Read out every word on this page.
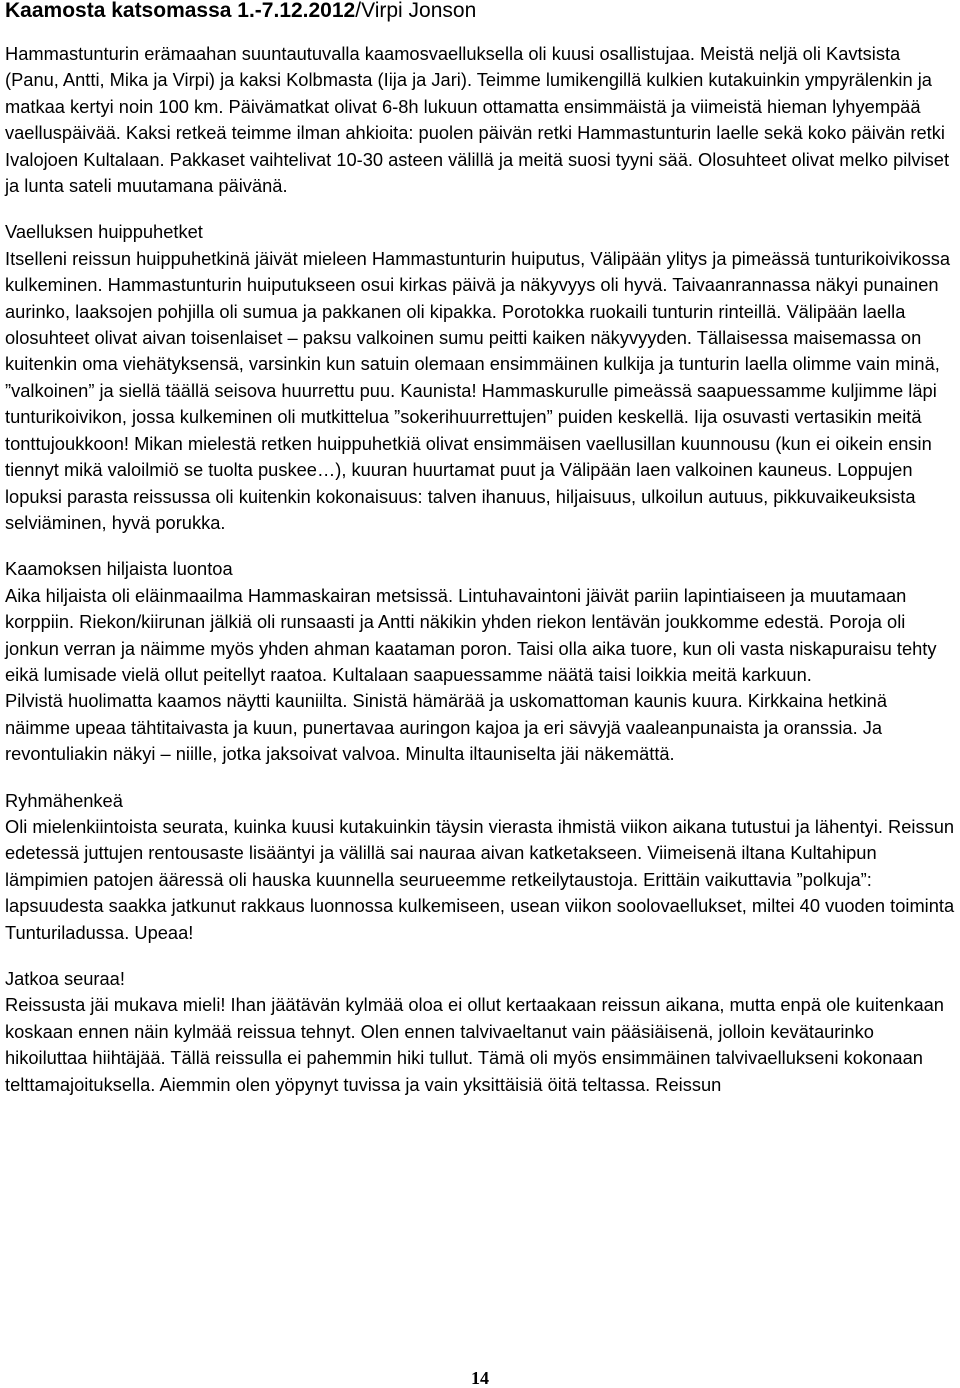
Kaamosta katsomassa 1.-7.12.2012/Virpi Jonson

Hammastunturin erämaahan suuntautuvalla kaamosvaelluksella oli kuusi osallistujaa. Meistä neljä oli Kavtsista (Panu, Antti, Mika ja Virpi) ja kaksi Kolbmasta (Iija ja Jari). Teimme lumikengillä kulkien kutakuinkin ympyrälenkin ja matkaa kertyi noin 100 km. Päivämatkat olivat 6-8h lukuun ottamatta ensimmäistä ja viimeistä hieman lyhyempää vaelluspäivää. Kaksi retkeä teimme ilman ahkioita: puolen päivän retki Hammastunturin laelle sekä koko päivän retki Ivalojoen Kultalaan. Pakkaset vaihtelivat 10-30 asteen välillä ja meitä suosi tyyni sää. Olosuhteet olivat melko pilviset ja lunta sateli muutamana päivänä.

Vaelluksen huippuhetket
Itselleni reissun huippuhetkinä jäivät mieleen Hammastunturin huiputus, Välipään ylitys ja pimeässä tunturikoivikossa kulkeminen. Hammastunturin huiputukseen osui kirkas päivä ja näkyvyys oli hyvä. Taivaanrannassa näkyi punainen aurinko, laaksojen pohjilla oli sumua ja pakkanen oli kipakka. Porotokka ruokaili tunturin rinteillä. Välipään laella olosuhteet olivat aivan toisenlaiset – paksu valkoinen sumu peitti kaiken näkyvyyden. Tällaisessa maisemassa on kuitenkin oma viehätyksensä, varsinkin kun satuin olemaan ensimmäinen kulkija ja tunturin laella olimme vain minä, ”valkoinen” ja siellä täällä seisova huurrettu puu. Kaunista! Hammaskurulle pimeässä saapuessamme kuljimme läpi tunturikoivikon, jossa kulkeminen oli mutkittelua ”sokerihuurrettujen” puiden keskellä. Iija osuvasti vertasikin meitä tonttujoukkoon! Mikan mielestä retken huippuhetkiä olivat ensimmäisen vaellusillan kuunnousu (kun ei oikein ensin tiennyt mikä valoilmiö se tuolta puskee…), kuuran huurtamat puut ja Välipään laen valkoinen kauneus. Loppujen lopuksi parasta reissussa oli kuitenkin kokonaisuus: talven ihanuus, hiljaisuus, ulkoilun autuus, pikkuvaikeuksista selviäminen, hyvä porukka.
Kaamoksen hiljaista luontoa
Aika hiljaista oli eläinmaailma Hammaskairan metsissä. Lintuhavaintoni jäivät pariin lapintiaiseen ja muutamaan korppiin. Riekon/kiirunan jälkiä oli runsaasti ja Antti näkikin yhden riekon lentävän joukkomme edestä. Poroja oli jonkun verran ja näimme myös yhden ahman kaataman poron. Taisi olla aika tuore, kun oli vasta niskapuraisu tehty eikä lumisade vielä ollut peitellyt raatoa. Kultalaan saapuessamme näätä taisi loikkia meitä karkuun.
Pilvistä huolimatta kaamos näytti kauniilta. Sinistä hämärää ja uskomattoman kaunis kuura. Kirkkaina hetkinä näimme upeaa tähtitaivasta ja kuun, punertavaa auringon kajoa ja eri sävyjä vaaleanpunaista ja oranssia. Ja revontuliakin näkyi – niille, jotka jaksoivat valvoa. Minulta iltauniselta jäi näkemättä.
Ryhmähenkeä
Oli mielenkiintoista seurata, kuinka kuusi kutakuinkin täysin vierasta ihmistä viikon aikana tutustui ja lähentyi. Reissun edetessä juttujen rentousaste lisääntyi ja välillä sai nauraa aivan katketakseen. Viimeisenä iltana Kultahipun lämpimien patojen ääressä oli hauska kuunnella seurueemme retkeilytaustoja. Erittäin vaikuttavia ”polkuja”: lapsuudesta saakka jatkunut rakkaus luonnossa kulkemiseen, usean viikon soolovaellukset, miltei 40 vuoden toiminta Tunturiladussa. Upeaa!
Jatkoa seuraa!
Reissusta jäi mukava mieli! Ihan jäätävän kylmää oloa ei ollut kertaakaan reissun aikana, mutta enpä ole kuitenkaan koskaan ennen näin kylmää reissua tehnyt. Olen ennen talvivaeltanut vain pääsiäisenä, jolloin kevätaurinko hikoiluttaa hiihtäjää. Tällä reissulla ei pahemmin hiki tullut. Tämä oli myös ensimmäinen talvivaellukseni kokonaan telttamajoituksella. Aiemmin olen yöpynyt tuvissa ja vain yksittäisiä öitä teltassa. Reissun
14
